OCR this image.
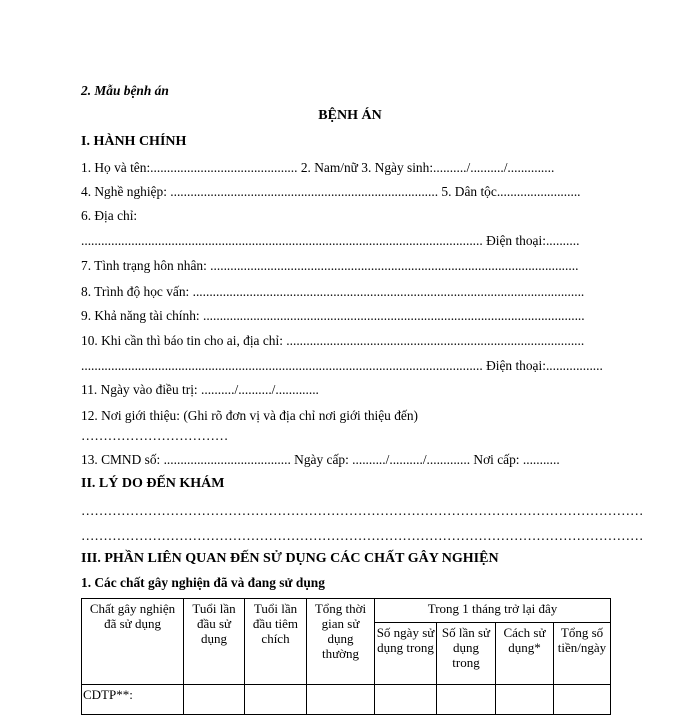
2. Mẫu bệnh án
BỆNH ÁN
I. HÀNH CHÍNH
1. Họ và tên:............................................ 2. Nam/nữ 3. Ngày sinh:........../........../..............
4. Nghề nghiệp: ................................................................................ 5. Dân tộc.........................
6. Địa chỉ:
........................................................................................................................ Điện thoại:..........
7. Tình trạng hôn nhân: ..............................................................................................................
8. Trình độ học vấn: .....................................................................................................................
9. Khả năng tài chính: ..................................................................................................................
10. Khi cần thì báo tin cho ai, địa chỉ: .........................................................................................
........................................................................................................................ Điện thoại:.................
11. Ngày vào điều trị: ........../........../.............
12. Nơi giới thiệu: (Ghi rõ đơn vị và địa chỉ nơi giới thiệu đến)
……………………………
13. CMND số: ...................................... Ngày cấp: ........../........../............. Nơi cấp: ...........
II. LÝ DO ĐẾN KHÁM
………………………………………………………………………………………………………………
………………………………………………………………………………………………………………
III. PHẦN LIÊN QUAN ĐẾN SỬ DỤNG CÁC CHẤT GÂY NGHIỆN
1. Các chất gây nghiện đã và đang sử dụng
Chất gây nghiện đã sử dụng	Tuổi lần đầu sử dụng	Tuổi lần đầu tiêm chích	Tổng thời gian sử dụng thường	Trong 1 tháng trở lại đây			
				Số ngày sử dụng trong	Số lần sử dụng trong	Cách sử dụng*	Tổng số tiền/ngày
CDTP**:							
